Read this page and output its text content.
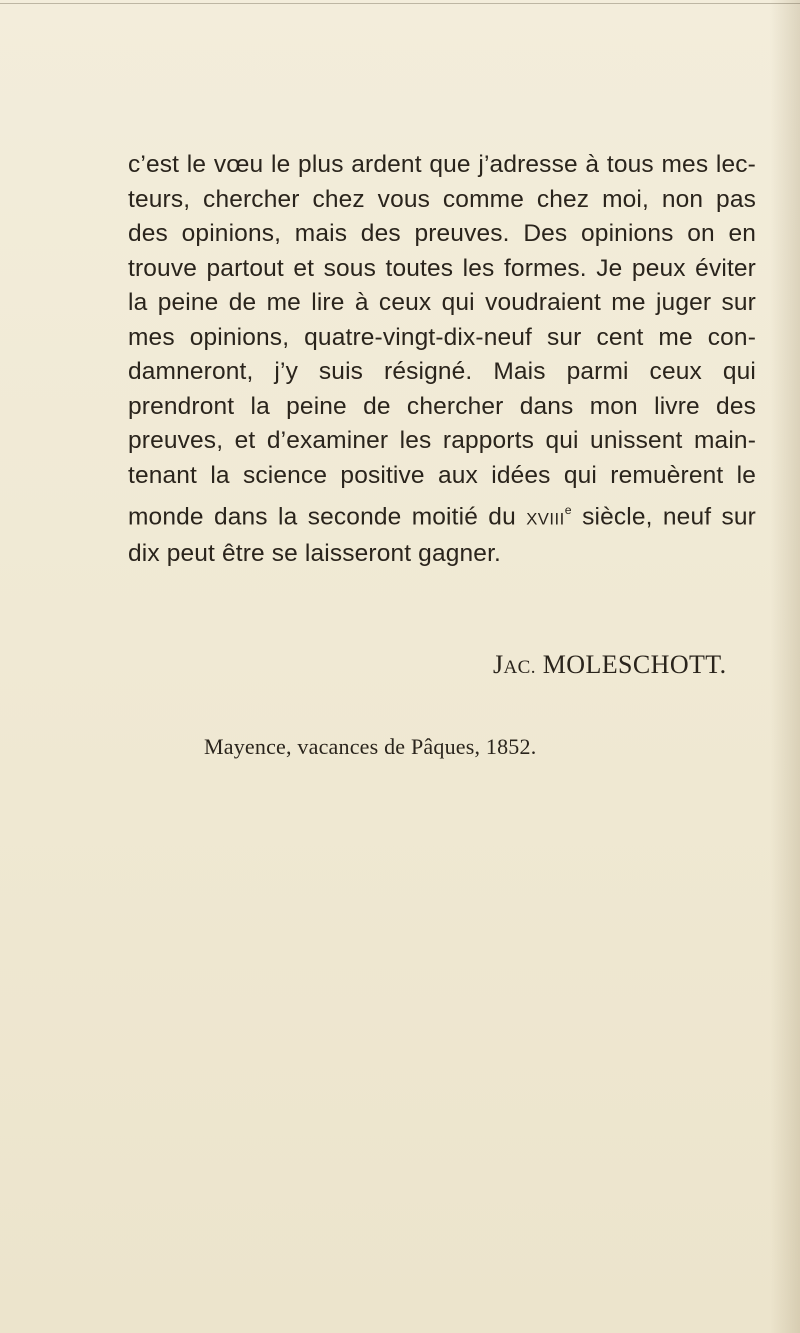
c’est le vœu le plus ardent que j’adresse à tous mes lec-
teurs, chercher chez vous comme chez moi, non pas
des opinions, mais des preuves. Des opinions on en
trouve partout et sous toutes les formes. Je peux éviter
la peine de me lire à ceux qui voudraient me juger sur
mes opinions, quatre-vingt-dix-neuf sur cent me con-
damneront, j’y suis résigné. Mais parmi ceux qui
prendront la peine de chercher dans mon livre des
preuves, et d’examiner les rapports qui unissent main-
tenant la science positive aux idées qui remuèrent le
monde dans la seconde moitié du XVIIIe siècle, neuf sur
dix peut être se laisseront gagner.

JAC. MOLESCHOTT.

Mayence, vacances de Pâques, 1852.
